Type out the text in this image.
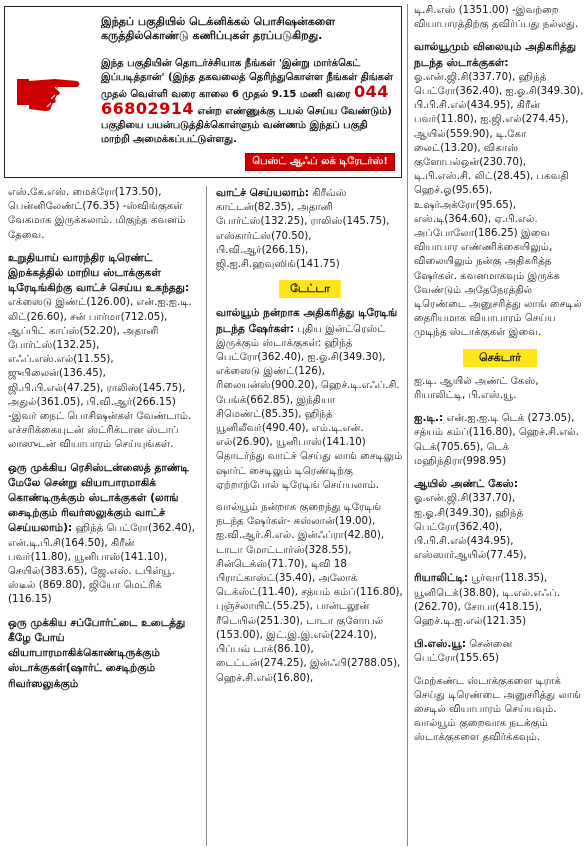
இந்தப் பகுதியில் டெக்னிக்கல் பொசிஷன்களை கருத்தில்கொண்டு கணிப்புகள் தரப்படுகிறது.
இந்த பகுதியின் தொடர்ச்சியாக நீங்கள் 'இன்று மார்க்கெட் இப்படித்தான்' (இந்த தகவலைத் தெரிந்துகொள்ள நீங்கள் திங்கள் முதல் வெள்ளி வரை காலை 6 முதல் 9.15 மணி வரை 044 66802914 என்ற எண்ணுக்கு டயல் செய்ய வேண்டும்) பகுதியை பயன்படுத்திக்கொள்ளும் வண்ணம் இந்தப் பகுதி மாற்றி அமைக்கப்பட்டுள்ளது.
பெஸ்ட் ஆஃப் லக் டிரேடர்ஸ்!

எஸ்.கே.எஸ். மைக்ரோ(173.50), பென்னிலேண்ட்(76.35) -ஸ்விங்குகள் வேகமாக இருக்கலாம். மிகுந்த கவனம் தேவை.

உறுதியாய் வாரந்திர டிரெண்ட் இறக்கத்தில் மாறிய ஸ்டாக்குகள் டிரேடிங்கிற்கு வாட்ச் செய்ய உகந்தது: எக்ஸைடு இண்ட்(126.00), என்.ஐ.ஐ.டி. லிட்(26.60), சன் பார்மா(712.05), ஆப்பிட் காப்ஸ்(52.20), அதானி போர்ட்ஸ்(132.25), எஃப்.எஸ்.எல்(11.55), ஜுபிலைன்(136.45), ஜி.பி.பி.எல்(47.25), ராலிஸ்(145.75), அதுல்(361.05), பி.வி.ஆர்(266.15) -இவர் நைட் பொசிஷன்கள் வேண்டாம். எச்சரிக்கையுடன் ஸ்ட்ரிக்டான ஸ்டாப் லாஸுடன் வியாபாரம் செய்யுங்கள்.

ஒரு முக்கிய ரெசிஸ்டன்ஸைத் தாண்டி மேலே சென்று வியாபாரமாகிக் கொண்டிருக்கும் ஸ்டாக்குகள் (லாங் சைடிற்கும் ரிவர்ஸலுக்கும் வாட்ச் செய்யலாம்): ஹிந்த் பெட்ரோ(362.40), என்.டி.பி.சி(164.50), கிரீன் பவர்(11.80), யூனிபாஸ்(141.10), செயில்(383.65), ஜே.எஸ். டபிள்யூ. ஸ்டீல் (869.80), ஜியோ மெட்ரிக் (116.15)

ஒரு முக்கிய சப்போர்ட்டை உடைத்து கீழே போய் வியாபாரமாகிக்கொண்டிருக்கும் ஸ்டாக்குகள்(ஷார்ட் சைடிற்கும் ரிவர்ஸலுக்கும்

வாட்ச் செய்யலாம்: கிரீவ்ஸ் காட்டன்(82.35), அதானி போர்ட்ஸ்(132.25), ராலிஸ்(145.75), எஸ்கார்ட்ஸ்(70.50), பி.வி.ஆர்(266.15), ஜி.ஐ.சி.ஹவுஸிங்(141.75)

டேட்டா

வால்யூம் நன்றாக அதிகரித்து டிரேடிங் நடந்த ஷேர்கள்: புதிய இன்ட்ரெஸ்ட் இருக்கும் ஸ்டாக்குகள்: ஹிந்த் பெட்ரோ(362.40), ஐ.ஓ.சி(349.30), எக்ஸைடு இண்ட்(126), ரிலையன்ஸ்(900.20), ஹெச்.டி.எஃப்.சி. பேங்க்(662.85), இந்தியா சிமெண்ட்(85.35), ஹிந்த் யூனிலீவர்(490.40), எம்.டி.என். எல்(26.90), யூனிபாஸ்(141.10) தொடர்ந்து வாட்ச் செய்து லாங் சைடிலும் ஷார்ட் சைடிலும் டிரெண்டிற்கு ஏற்றாற்போல் டிரேடிங் செய்யலாம்.

வால்யூம் நன்றாக குறைந்து டிரேடிங் நடந்த ஷேர்கள்- சுஸ்லான்(19.00), ஐ.வி.ஆர்.சி.எல். இன்ஃப்ரா(42.80), டாடா மோட்டார்ஸ்(328.55), சின்டெக்ஸ்(71.70), டிவி 18 பிராட்காஸ்ட்(35.40), அலோக் டெக்ஸ்ட்(11.40), சத்யம் கம்ப்(116.80), புஞ்ச்லாயிட்(55.25), பான்டலூன் ரீடெயில்(251.30), டாடா குளோபல் (153.00), இட்.இ.இ.எல்(224.10), பிப்பவ் டாக்(86.10), டைட்டன்(274.25), இன்ஃபி(2788.05), ஹெச்.சி.எல்(16.80),

டி.சி.எஸ் (1351.00) -இவற்றை வியாபாரத்திற்கு தவிர்ப்பது நல்லது.

வால்யூமும் விலையும் அதிகரித்து நடந்த ஸ்டாக்குகள்: ஓ.என்.ஜி.சி(337.70), ஹிந்த் பெட்ரோ(362.40), ஐ.ஓ.சி(349.30), பி.பி.சி.எல்(434.95), கிரீன் பவர்(11.80), ஐ.ஜி.எல்(274.45), ஆயில்(559.90), டி.கோ லைட்(13.20), விகாஸ் குளோபல்ஒன்(230.70), டி.பி.எஸ்.சி. லிட்(28.45), பகவதி ஹெச்.ஓ(95.65), உஷர்அக்ரோ(95.65), எஸ்.டி(364.60), ஏ.பி.எல். அப்போலோ(186.25) இவை வியாபார எண்ணிக்கையிலும், விலையிலும் நன்கு அதிகரித்த ஷேர்கள். கவனமாகவும் இருக்க வேண்டும் அதேநேரத்தில் டிரெண்டை அனுசரித்து லாங் சைடில் தைரியமாக வியாபாரம் செய்ய முடிந்த ஸ்டாக்குகள் இவை.

செக்டார்

ஐ.டி. ஆயில் அண்ட் கேஸ், ரியாலிட்டி, பி.எஸ்.யூ.

ஐ.டி.: என்.ஐ.ஐ.டி டெக் (273.05), சத்யம் கம்ப்(116.80), ஹெச்.சி.எல். டெக்(705.65), டெக் மஹிந்திரா(998.95)

ஆயில் அண்ட் கேஸ்: ஓ.என்.ஜி.சி(337.70), ஐ.ஓ.சி(349.30), ஹிந்த் பெட்ரோ(362.40), பி.பி.சி.எல்(434.95), எஸ்ஸார்ஆயில்(77.45),

ரியாலிட்டி: பூர்வா(118.35), யூனிடெக்(38.80), டி.எல்.எஃப். (262.70), சோபா(418.15), ஹெச்.டி.ஐ.எல்(121.35)

பி.எஸ்.யூ: சென்னை பெட்ரோ(155.65)

மேற்கண்ட ஸ்டாக்குகளை டிராக் செய்து டிரெண்டை அனுசரித்து லாங் சைடில் வியாபாரம் செய்யவும். வால்யூம் குறைவாக நடக்கும் ஸ்டாக்குகளை தவிர்க்கவும்.
